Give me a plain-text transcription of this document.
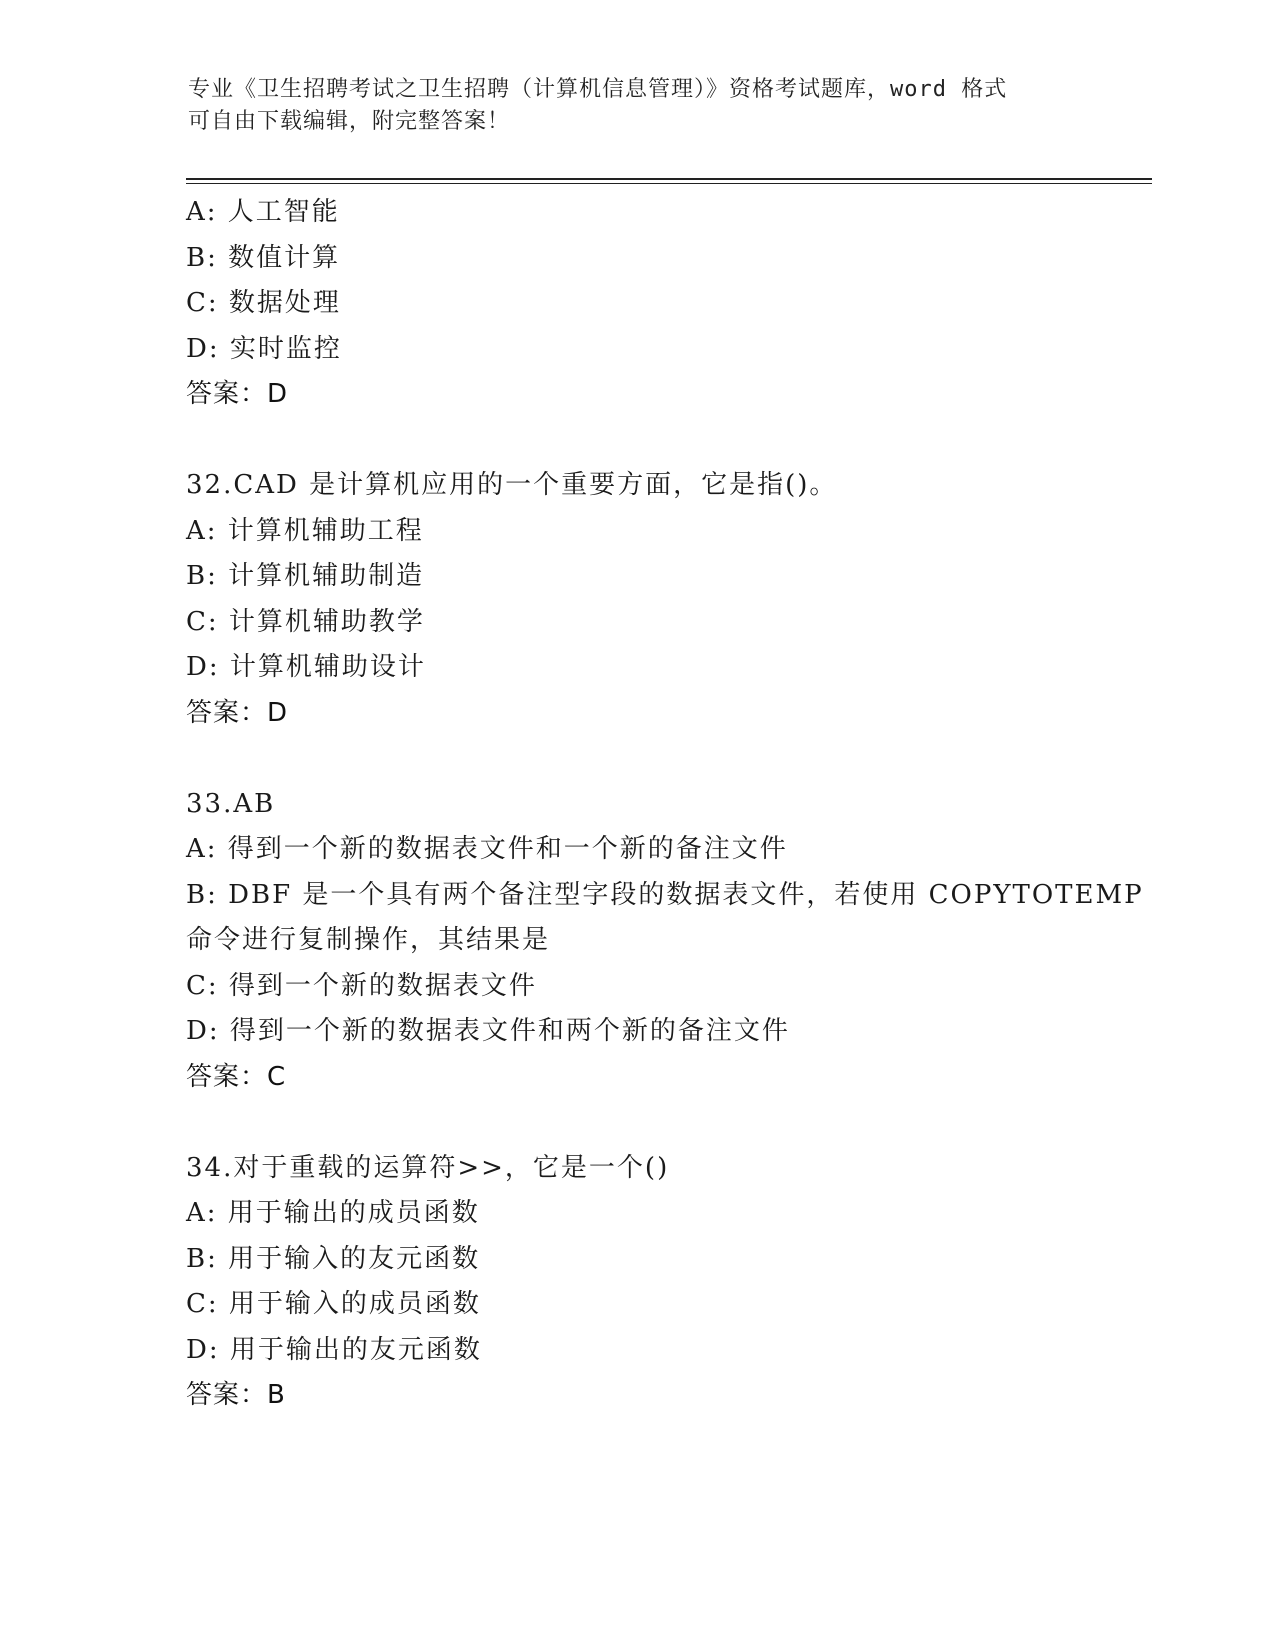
专业《卫生招聘考试之卫生招聘（计算机信息管理）》资格考试题库，word 格式
可自由下载编辑，附完整答案！
A: 人工智能
B: 数值计算
C: 数据处理
D: 实时监控
答案：D
32.CAD 是计算机应用的一个重要方面，它是指()。
A: 计算机辅助工程
B: 计算机辅助制造
C: 计算机辅助教学
D: 计算机辅助设计
答案：D
33.AB
A: 得到一个新的数据表文件和一个新的备注文件
B: DBF 是一个具有两个备注型字段的数据表文件，若使用 COPYTOTEMP
命令进行复制操作，其结果是
C: 得到一个新的数据表文件
D: 得到一个新的数据表文件和两个新的备注文件
答案：C
34.对于重载的运算符>>，它是一个()
A: 用于输出的成员函数
B: 用于输入的友元函数
C: 用于输入的成员函数
D: 用于输出的友元函数
答案：B
